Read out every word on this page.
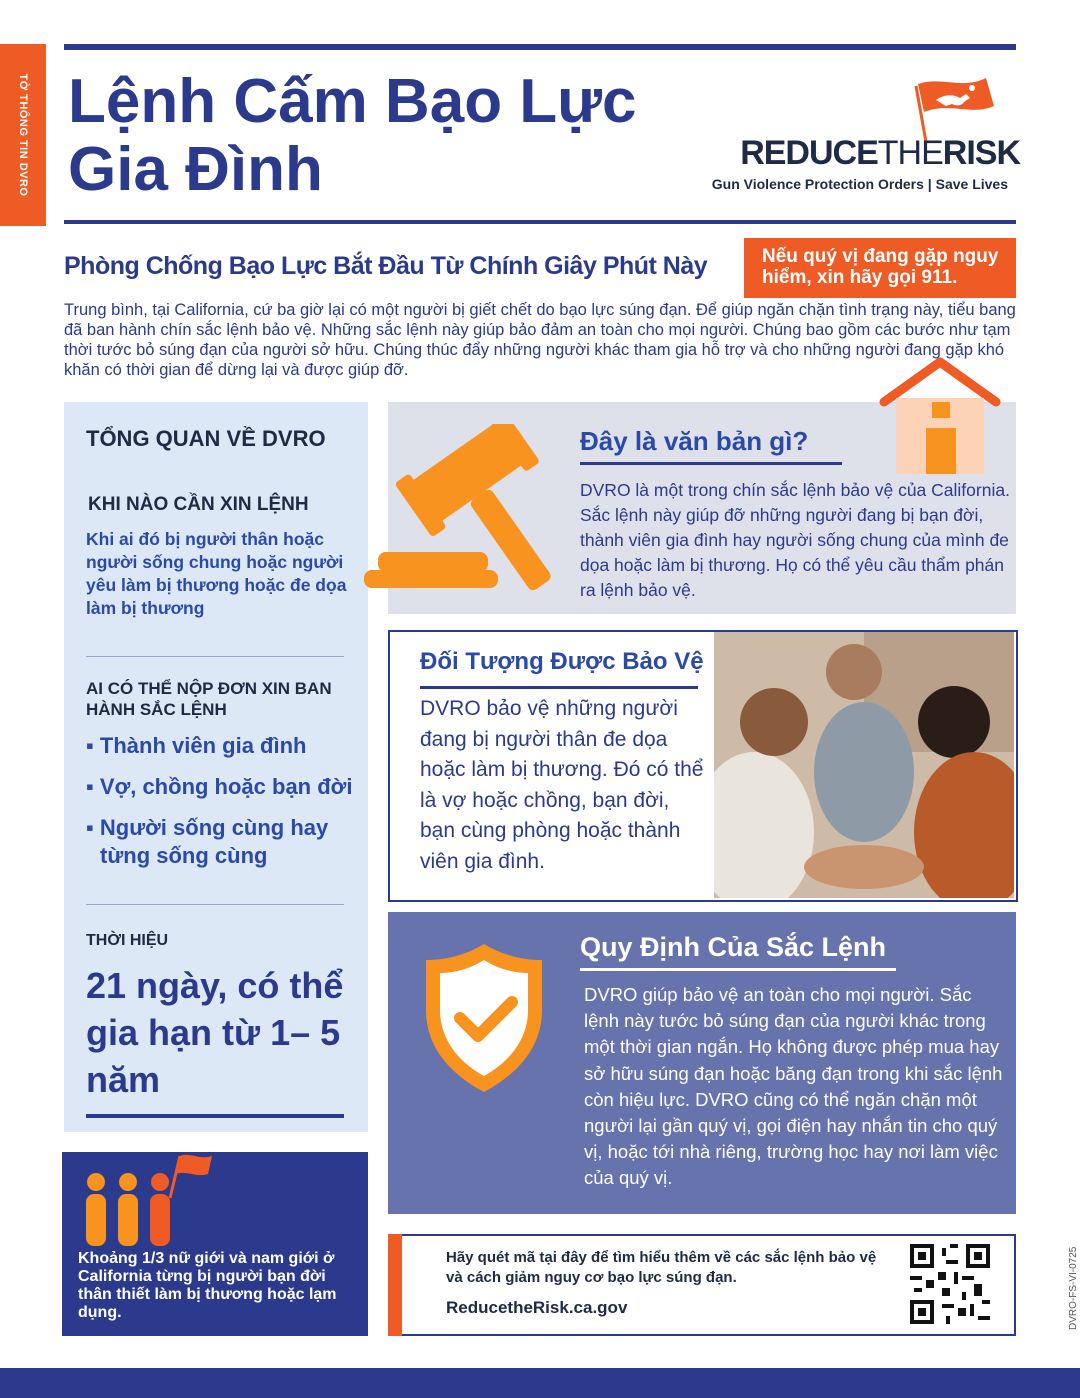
TỜ THÔNG TIN DVRO Lệnh Cấm Bạo Lực Gia Đình	REDUCETHERISK
Gun Violence Protection Orders | Save Lives
Phòng Chống Bạo Lực Bắt Đầu Từ Chính Giây Phút Này	Nếu quý vị đang gặp nguy hiểm, xin hãy gọi 911.
Trung bình, tại California, cứ ba giờ lại có một người bị giết chết do bạo lực súng đạn. Để giúp ngăn chặn tình trạng này, tiểu bang đã ban hành chín sắc lệnh bảo vệ. Những sắc lệnh này giúp bảo đảm an toàn cho mọi người. Chúng bao gồm các bước như tạm thời tước bỏ súng đạn của người sở hữu. Chúng thúc đẩy những người khác tham gia hỗ trợ và cho những người đang gặp khó khăn có thời gian để dừng lại và được giúp đỡ.
TỔNG QUAN VỀ DVRO
KHI NÀO CẦN XIN LỆNH
Khi ai đó bị người thân hoặc người sống chung hoặc người yêu làm bị thương hoặc đe dọa làm bị thương
AI CÓ THỂ NỘP ĐƠN XIN BAN HÀNH SẮC LỆNH
▪ Thành viên gia đình
▪ Vợ, chồng hoặc bạn đời
▪ Người sống cùng hay từng sống cùng
THỜI HIỆU
21 ngày, có thể gia hạn từ 1– 5 năm
Đây là văn bản gì?
DVRO là một trong chín sắc lệnh bảo vệ của California. Sắc lệnh này giúp đỡ những người đang bị bạn đời, thành viên gia đình hay người sống chung của mình đe dọa hoặc làm bị thương. Họ có thể yêu cầu thẩm phán ra lệnh bảo vệ.
Đối Tượng Được Bảo Vệ
DVRO bảo vệ những người đang bị người thân đe dọa hoặc làm bị thương. Đó có thể là vợ hoặc chồng, bạn đời, bạn cùng phòng hoặc thành viên gia đình.
Quy Định Của Sắc Lệnh
DVRO giúp bảo vệ an toàn cho mọi người. Sắc lệnh này tước bỏ súng đạn của người khác trong một thời gian ngắn. Họ không được phép mua hay sở hữu súng đạn hoặc băng đạn trong khi sắc lệnh còn hiệu lực. DVRO cũng có thể ngăn chặn một người lại gần quý vị, gọi điện hay nhắn tin cho quý vị, hoặc tới nhà riêng, trường học hay nơi làm việc của quý vị.
Khoảng 1/3 nữ giới và nam giới ở California từng bị người bạn đời thân thiết làm bị thương hoặc lạm dụng.
Hãy quét mã tại đây để tìm hiểu thêm về các sắc lệnh bảo vệ và cách giảm nguy cơ bạo lực súng đạn.
ReducetheRisk.ca.gov	DVRO-FS-VI-0725
